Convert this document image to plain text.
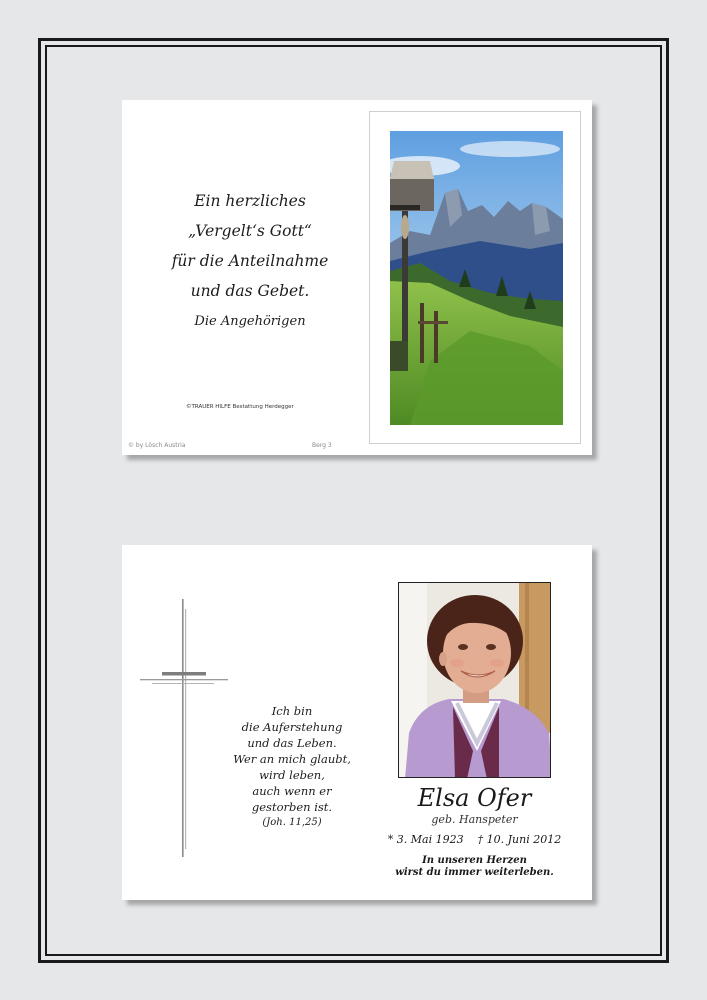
Ein herzliches
„Vergelt‘s Gott“
für die Anteilnahme
und das Gebet.
Die Angehörigen
©TRAUER HILFE Bestattung Herdegger
© by Lösch Austria	Berg 3
Ich bin
die Auferstehung
und das Leben.
Wer an mich glaubt,
wird leben,
auch wenn er
gestorben ist.
(Joh. 11,25)
Elsa Ofer
geb. Hanspeter
* 3. Mai 1923 † 10. Juni 2012
In unseren Herzen
wirst du immer weiterleben.
